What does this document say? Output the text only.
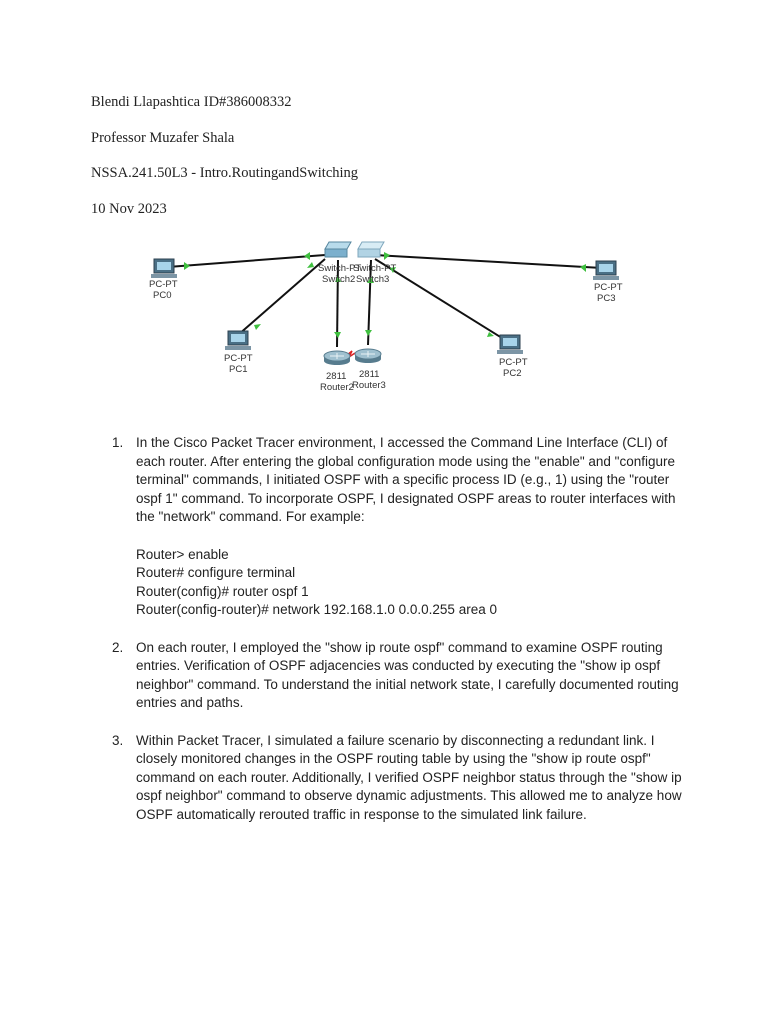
Blendi Llapashtica ID#386008332
Professor Muzafer Shala
NSSA.241.50L3 - Intro.RoutingandSwitching
10 Nov 2023
PC-PT
PC0
Switch-PT
Switch2
Switch-PT
Switch3
PC-PT
PC3
PC-PT
PC1
PC-PT
PC2
2811
Router2
2811
Router3
1. In the Cisco Packet Tracer environment, I accessed the Command Line Interface (CLI) of each router. After entering the global configuration mode using the "enable" and "configure terminal" commands, I initiated OSPF with a specific process ID (e.g., 1) using the "router ospf 1" command. To incorporate OSPF, I designated OSPF areas to router interfaces with the "network" command. For example:
Router> enable
Router# configure terminal
Router(config)# router ospf 1
Router(config-router)# network 192.168.1.0 0.0.0.255 area 0
2. On each router, I employed the "show ip route ospf" command to examine OSPF routing entries. Verification of OSPF adjacencies was conducted by executing the "show ip ospf neighbor" command. To understand the initial network state, I carefully documented routing entries and paths.
3. Within Packet Tracer, I simulated a failure scenario by disconnecting a redundant link. I closely monitored changes in the OSPF routing table by using the "show ip route ospf" command on each router. Additionally, I verified OSPF neighbor status through the "show ip ospf neighbor" command to observe dynamic adjustments. This allowed me to analyze how OSPF automatically rerouted traffic in response to the simulated link failure.
